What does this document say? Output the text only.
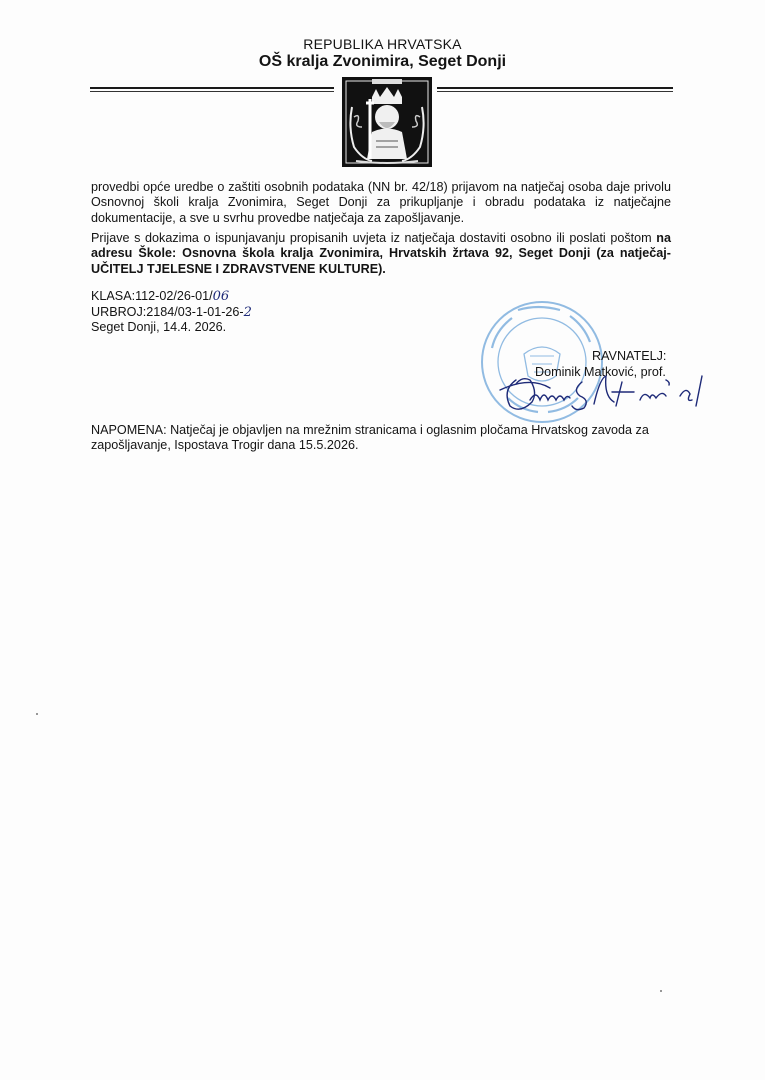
REPUBLIKA HRVATSKA
OŠ kralja Zvonimira, Seget Donji
provedbi opće uredbe o zaštiti osobnih podataka (NN br. 42/18) prijavom na natječaj osoba daje privolu Osnovnoj školi kralja Zvonimira, Seget Donji za prikupljanje i obradu podataka iz natječajne dokumentacije, a sve u svrhu provedbe natječaja za zapošljavanje.
Prijave s dokazima o ispunjavanju propisanih uvjeta iz natječaja dostaviti osobno ili poslati poštom na adresu Škole: Osnovna škola kralja Zvonimira, Hrvatskih žrtava 92, Seget Donji (za natječaj-UČITELJ TJELESNE I ZDRAVSTVENE KULTURE).
KLASA:112-02/26-01/06
URBROJ:2184/03-1-01-26-2
Seget Donji, 14.4. 2026.
RAVNATELJ:
Dominik Matković, prof.
NAPOMENA: Natječaj je objavljen na mrežnim stranicama i oglasnim pločama Hrvatskog zavoda za zapošljavanje, Ispostava Trogir dana 15.5.2026.
